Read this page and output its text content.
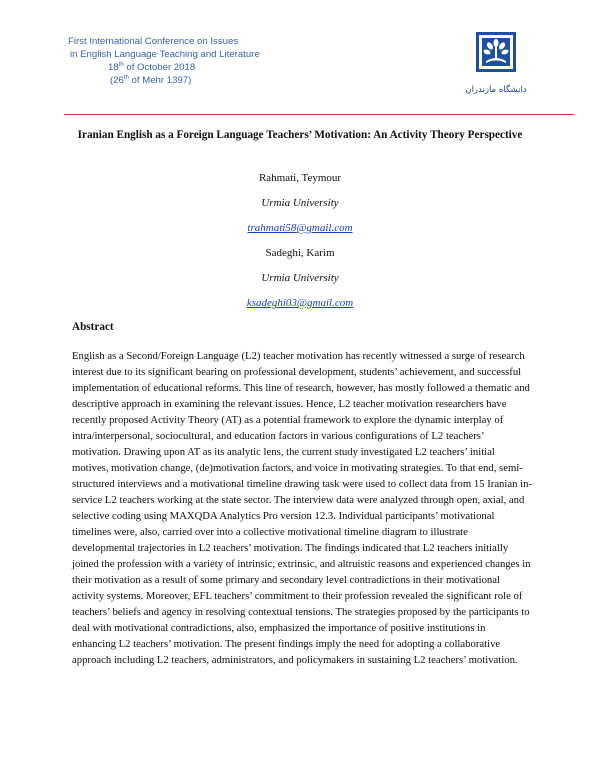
First International Conference on Issues
in English Language Teaching and Literature
18th of October 2018
(26th of Mehr 1397)
دانشگاه مازندران
Iranian English as a Foreign Language Teachers’ Motivation: An Activity Theory Perspective
Rahmati, Teymour
Urmia University
trahmati58@gmail.com
Sadeghi, Karim
Urmia University
ksadeghi03@gmail.com
Abstract
English as a Second/Foreign Language (L2) teacher motivation has recently witnessed a surge of research interest due to its significant bearing on professional development, students’ achievement, and successful implementation of educational reforms. This line of research, however, has mostly followed a thematic and descriptive approach in examining the relevant issues. Hence, L2 teacher motivation researchers have recently proposed Activity Theory (AT) as a potential framework to explore the dynamic interplay of intra/interpersonal, sociocultural, and education factors in various configurations of L2 teachers’ motivation. Drawing upon AT as its analytic lens, the current study investigated L2 teachers’ initial motives, motivation change, (de)motivation factors, and voice in motivating strategies. To that end, semi-structured interviews and a motivational timeline drawing task were used to collect data from 15 Iranian in-service L2 teachers working at the state sector. The interview data were analyzed through open, axial, and selective coding using MAXQDA Analytics Pro version 12.3. Individual participants’ motivational timelines were, also, carried over into a collective motivational timeline diagram to illustrate developmental trajectories in L2 teachers’ motivation. The findings indicated that L2 teachers initially joined the profession with a variety of intrinsic, extrinsic, and altruistic reasons and experienced changes in their motivation as a result of some primary and secondary level contradictions in their motivational activity systems. Moreover, EFL teachers’ commitment to their profession revealed the significant role of teachers’ beliefs and agency in resolving contextual tensions. The strategies proposed by the participants to deal with motivational contradictions, also, emphasized the importance of positive institutions in enhancing L2 teachers’ motivation. The present findings imply the need for adopting a collaborative approach including L2 teachers, administrators, and policymakers in sustaining L2 teachers’ motivation.
